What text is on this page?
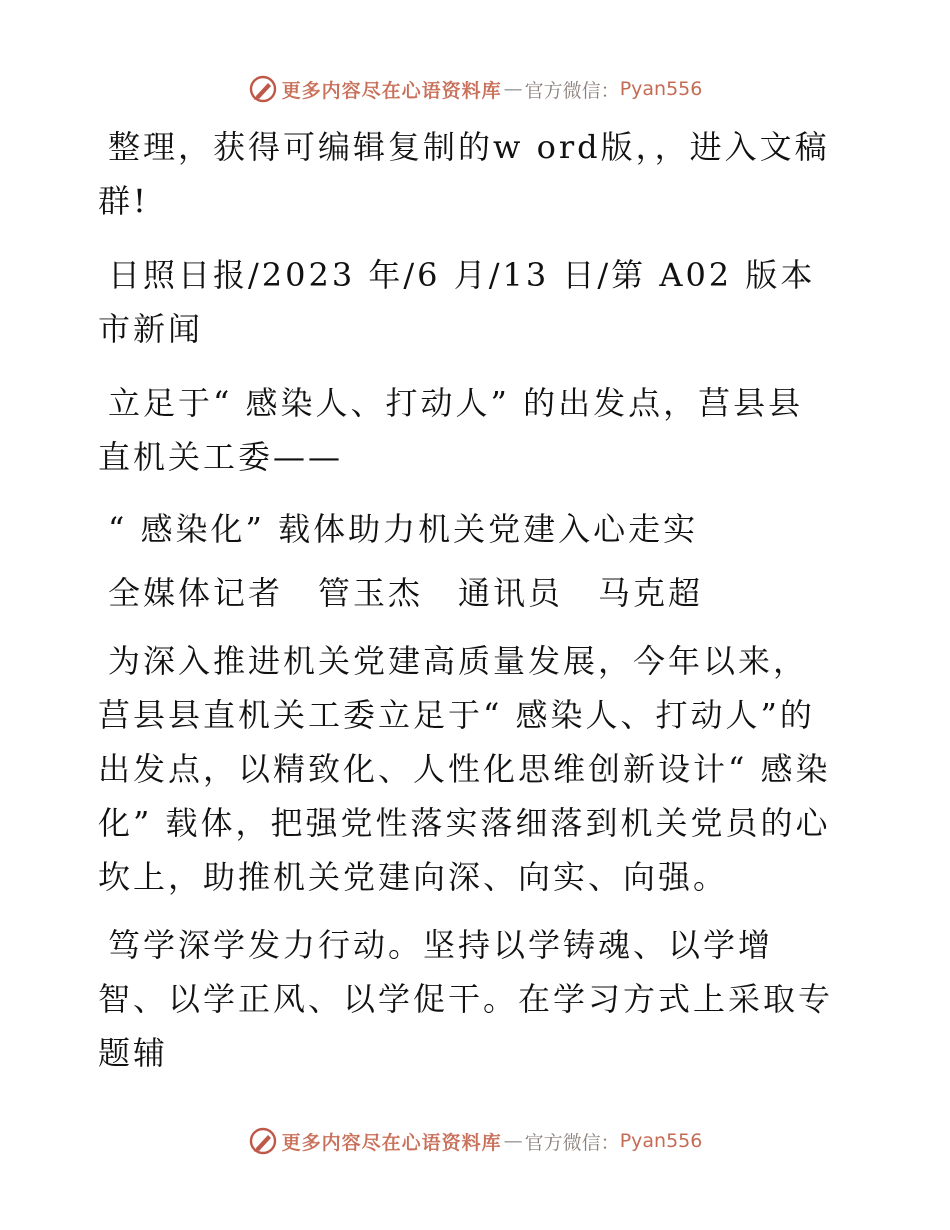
更多内容尽在心语资料库 — 官方微信： Pyan556

整理，获得可编辑复制的w ord版，，进入文稿群!

日照日报/2023 年/6 月/13 日/第 A02 版本市新闻

立足于“ 感染人、打动人” 的出发点，莒县县直机关工委——

“ 感染化” 载体助力机关党建入心走实

全媒体记者　管玉杰　通讯员　马克超

为深入推进机关党建高质量发展，今年以来，莒县县直机关工委立足于“ 感染人、打动人”的出发点，以精致化、人性化思维创新设计“ 感染化” 载体，把强党性落实落细落到机关党员的心坎上，助推机关党建向深、向实、向强。

笃学深学发力行动。坚持以学铸魂、以学增智、以学正风、以学促干。在学习方式上采取专题辅

更多内容尽在心语资料库 — 官方微信： Pyan556
